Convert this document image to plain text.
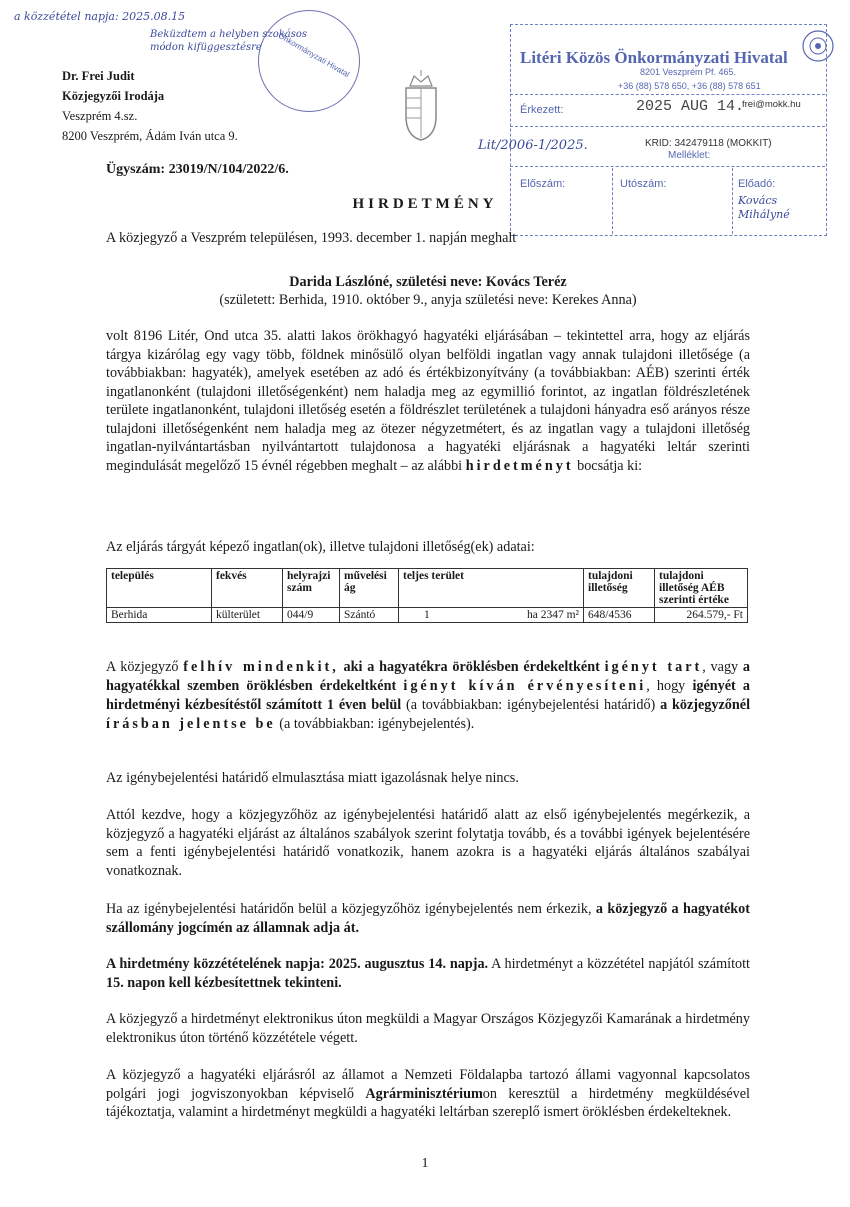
a közzététel napja: 2025.08.15
Önkormányzati Hivatal
Beküzdtem a helyben szokásos módon kifüggesztésre
Dr. Frei Judit
Közjegyzői Irodája
Veszprém 4.sz.
8200 Veszprém, Ádám Iván utca 9.
Litéri Közös Önkormányzati Hivatal
8201 Veszprém Pf. 465.
+36 (88) 578 650, +36 (88) 578 651
Érkezett:	2025 AUG 14.
frei@mokk.hu
Lit/2006-1/2025.	KRID: 342479118 (MOKKIT)
Melléklet:
Előszám:	Utószám:	Előadó:
Kovács Mihályné
Ügyszám: 23019/N/104/2022/6.
HIRDETMÉNY
A közjegyző a Veszprém településen, 1993. december 1. napján meghalt
Darida Lászlóné, születési neve: Kovács Teréz
(született: Berhida, 1910. október 9., anyja születési neve: Kerekes Anna)
volt 8196 Litér, Ond utca 35. alatti lakos örökhagyó hagyatéki eljárásában – tekintettel arra, hogy az eljárás tárgya kizárólag egy vagy több, földnek minősülő olyan belföldi ingatlan vagy annak tulajdoni illetősége (a továbbiakban: hagyaték), amelyek esetében az adó és értékbizonyítvány (a továbbiakban: AÉB) szerinti érték ingatlanonként (tulajdoni illetőségenként) nem haladja meg az egymillió forintot, az ingatlan földrészletének területe ingatlanonként, tulajdoni illetőség esetén a földrészlet területének a tulajdoni hányadra eső arányos része tulajdoni illetőségenként nem haladja meg az ötezer négyzetmétert, és az ingatlan vagy a tulajdoni illetőség ingatlan-nyilvántartásban nyilvántartott tulajdonosa a hagyatéki eljárásnak a hagyatéki leltár szerinti megindulását megelőző 15 évnél régebben meghalt – az alábbi hirdetményt bocsátja ki:
Az eljárás tárgyát képező ingatlan(ok), illetve tulajdoni illetőség(ek) adatai:
település	fekvés	helyrajzi szám	művelési ág	teljes terület		tulajdoni illetőség	tulajdoni illetőség AÉB szerinti értéke
Berhida	külterület	044/9	Szántó	1	ha 2347 m²	648/4536	264.579,- Ft
A közjegyző felhív mindenkit, aki a hagyatékra öröklésben érdekeltként igényt tart, vagy a hagyatékkal szemben öröklésben érdekeltként igényt kíván érvényesíteni, hogy igényét a hirdetményi kézbesítéstől számított 1 éven belül (a továbbiakban: igénybejelentési határidő) a közjegyzőnél írásban jelentse be (a továbbiakban: igénybejelentés).
Az igénybejelentési határidő elmulasztása miatt igazolásnak helye nincs.
Attól kezdve, hogy a közjegyzőhöz az igénybejelentési határidő alatt az első igénybejelentés megérkezik, a közjegyző a hagyatéki eljárást az általános szabályok szerint folytatja tovább, és a további igények bejelentésére sem a fenti igénybejelentési határidő vonatkozik, hanem azokra is a hagyatéki eljárás általános szabályai vonatkoznak.
Ha az igénybejelentési határidőn belül a közjegyzőhöz igénybejelentés nem érkezik, a közjegyző a hagyatékot szállomány jogcímén az államnak adja át.
A hirdetmény közzétételének napja: 2025. augusztus 14. napja. A hirdetményt a közzététel napjától számított 15. napon kell kézbesítettnek tekinteni.
A közjegyző a hirdetményt elektronikus úton megküldi a Magyar Országos Közjegyzői Kamarának a hirdetmény elektronikus úton történő közzététele végett.
A közjegyző a hagyatéki eljárásról az államot a Nemzeti Földalapba tartozó állami vagyonnal kapcsolatos polgári jogi jogviszonyokban képviselő Agrárminisztériumon keresztül a hirdetmény megküldésével tájékoztatja, valamint a hirdetményt megküldi a hagyatéki leltárban szereplő ismert öröklésben érdekelteknek.
1
